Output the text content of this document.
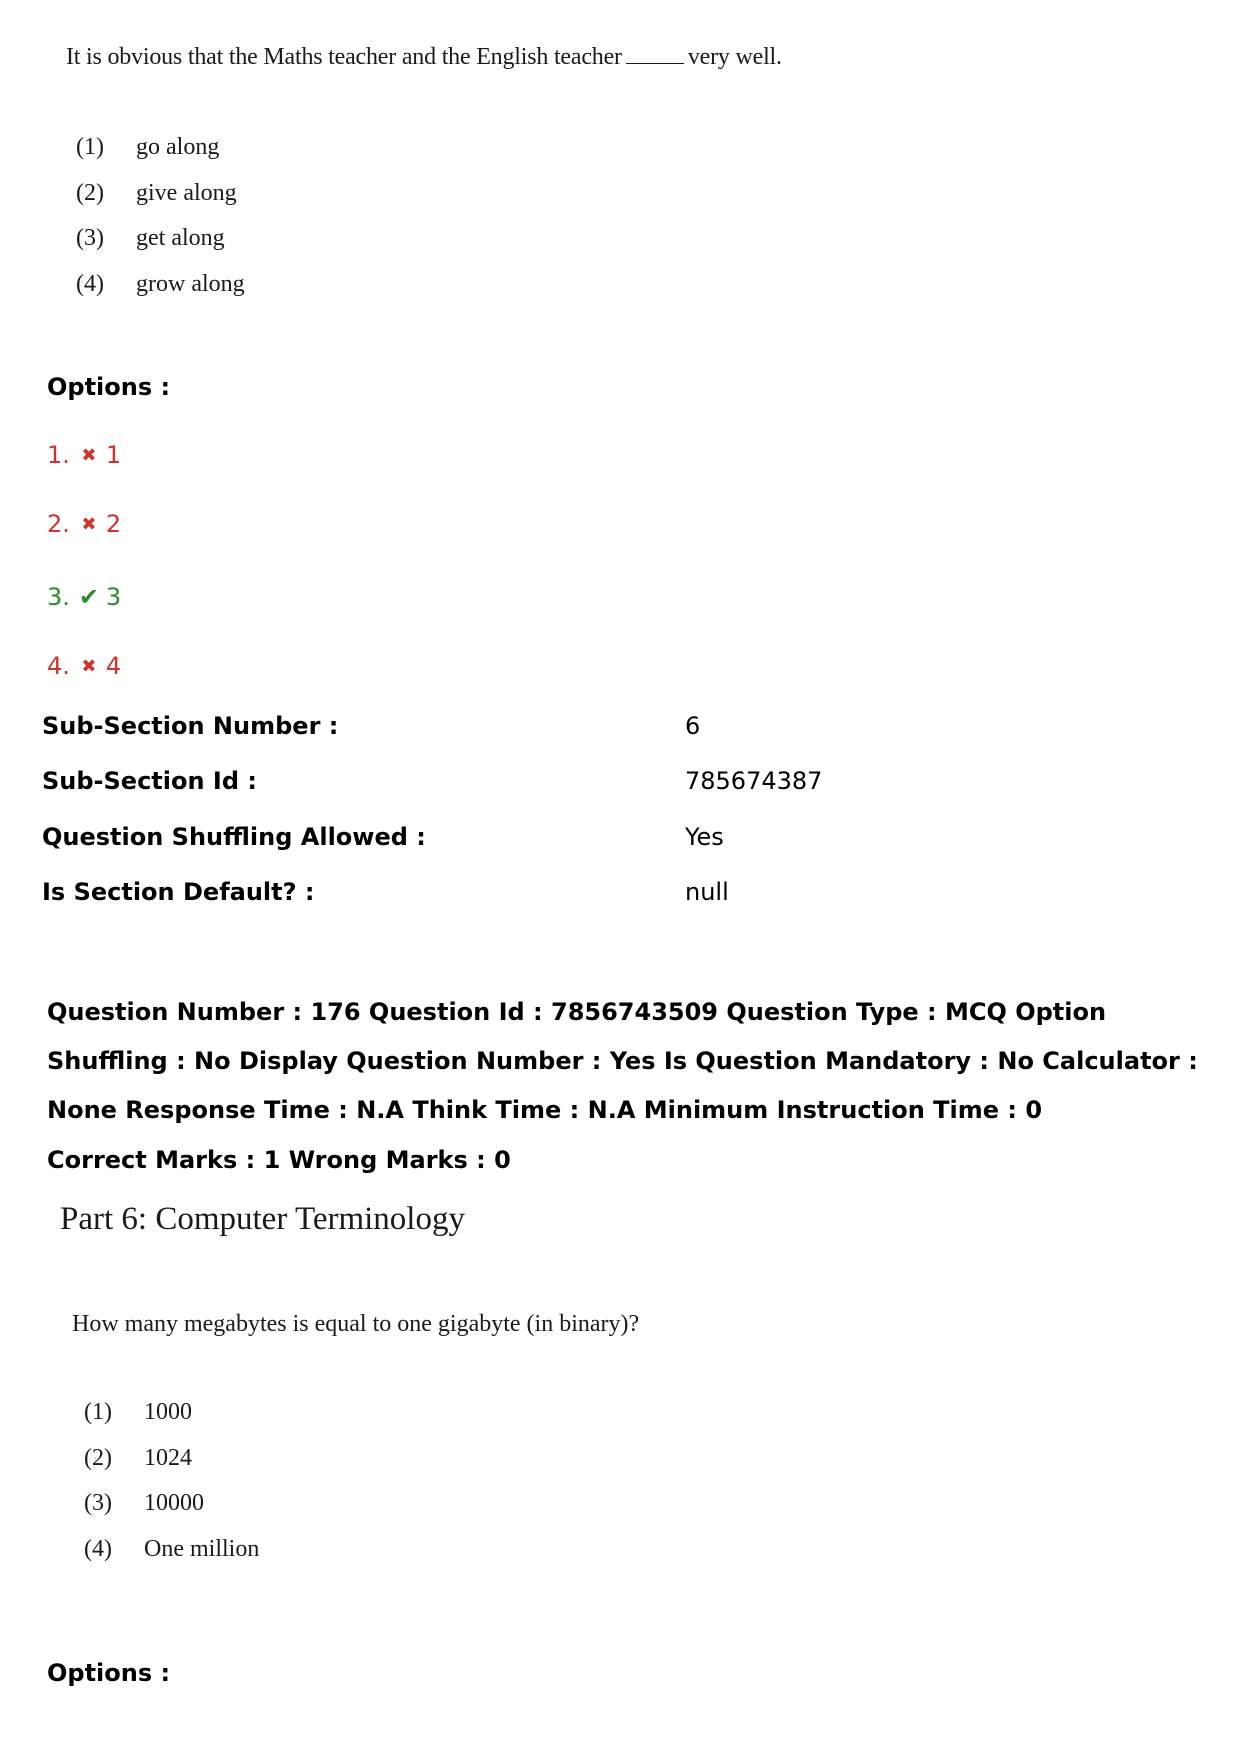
It is obvious that the Maths teacher and the English teacher	very well.
(1)	go along
(2)	give along
(3)	get along
(4)	grow along
Options :
1. ✖ 1
2. ✖ 2
3. ✔ 3
4. ✖ 4
Sub-Section Number :	6
Sub-Section Id :	785674387
Question Shuffling Allowed :	Yes
Is Section Default? :	null
Question Number : 176 Question Id : 7856743509 Question Type : MCQ Option Shuffling : No Display Question Number : Yes Is Question Mandatory : No Calculator : None Response Time : N.A Think Time : N.A Minimum Instruction Time : 0
Correct Marks : 1 Wrong Marks : 0
Part 6: Computer Terminology
How many megabytes is equal to one gigabyte (in binary)?
(1)	1000
(2)	1024
(3)	10000
(4)	One million
Options :
